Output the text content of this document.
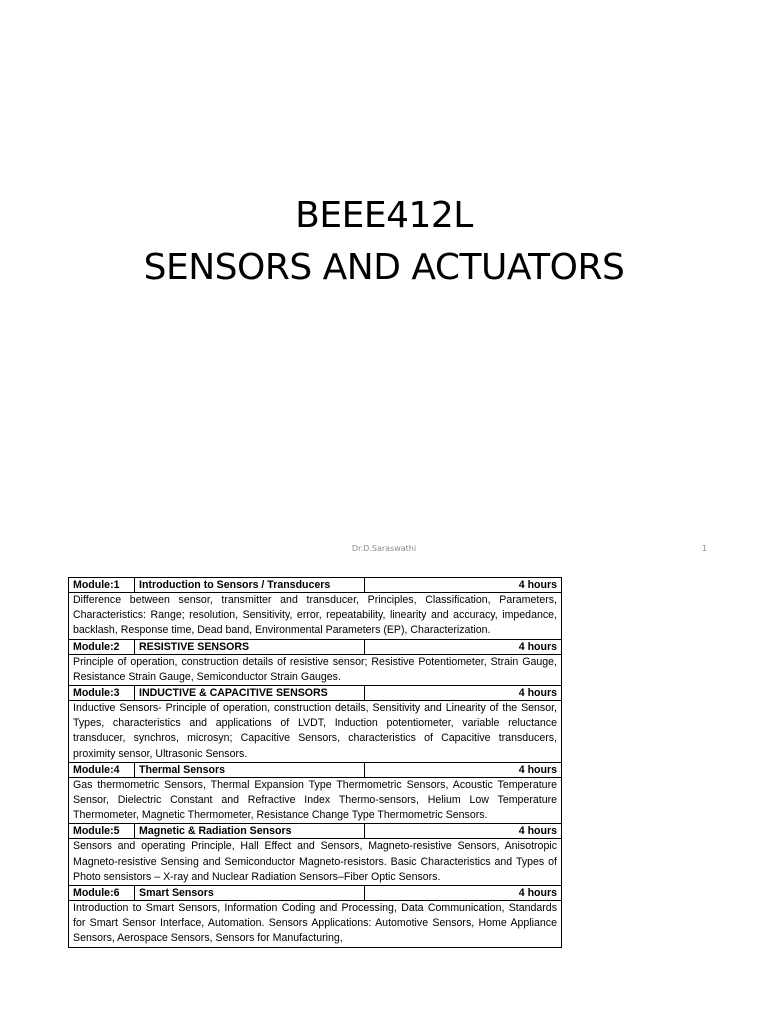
BEEE412L
SENSORS AND ACTUATORS
Dr.D.Saraswathi	1
Module:1	Introduction to Sensors / Transducers	4 hours
Difference between sensor, transmitter and transducer, Principles, Classification, Parameters, Characteristics: Range; resolution, Sensitivity, error, repeatability, linearity and accuracy, impedance, backlash, Response time, Dead band, Environmental Parameters (EP), Characterization.		
Module:2	RESISTIVE SENSORS	4 hours
Principle of operation, construction details of resistive sensor; Resistive Potentiometer, Strain Gauge, Resistance Strain Gauge, Semiconductor Strain Gauges.		
Module:3	INDUCTIVE & CAPACITIVE SENSORS	4 hours
Inductive Sensors- Principle of operation, construction details, Sensitivity and Linearity of the Sensor, Types, characteristics and applications of LVDT, Induction potentiometer, variable reluctance transducer, synchros, microsyn; Capacitive Sensors, characteristics of Capacitive transducers, proximity sensor, Ultrasonic Sensors.		
Module:4	Thermal Sensors	4 hours
Gas thermometric Sensors, Thermal Expansion Type Thermometric Sensors, Acoustic Temperature Sensor, Dielectric Constant and Refractive Index Thermo-sensors, Helium Low Temperature Thermometer, Magnetic Thermometer, Resistance Change Type Thermometric Sensors.		
Module:5	Magnetic & Radiation Sensors	4 hours
Sensors and operating Principle, Hall Effect and Sensors, Magneto-resistive Sensors, Anisotropic Magneto-resistive Sensing and Semiconductor Magneto-resistors. Basic Characteristics and Types of Photo sensistors – X-ray and Nuclear Radiation Sensors–Fiber Optic Sensors.		
Module:6	Smart Sensors	4 hours
Introduction to Smart Sensors, Information Coding and Processing, Data Communication, Standards for Smart Sensor Interface, Automation. Sensors Applications: Automotive Sensors, Home Appliance Sensors, Aerospace Sensors, Sensors for Manufacturing,		
